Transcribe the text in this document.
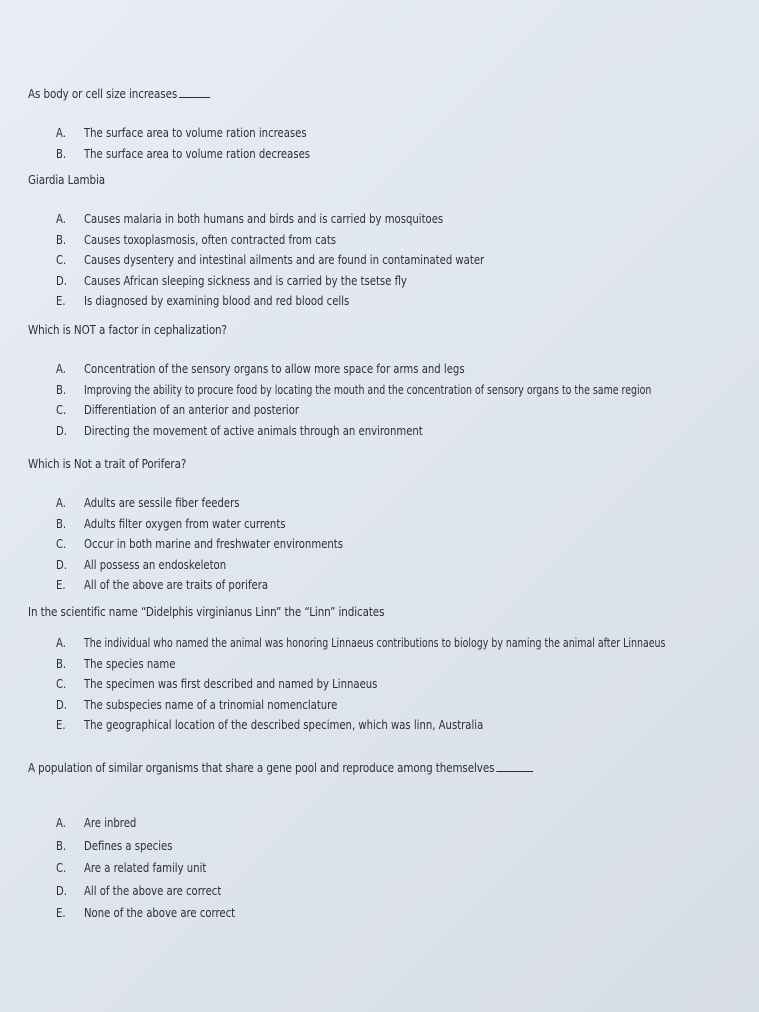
As body or cell size increases
A.	The surface area to volume ration increases
B.	The surface area to volume ration decreases
Giardia Lambia
A.	Causes malaria in both humans and birds and is carried by mosquitoes
B.	Causes toxoplasmosis, often contracted from cats
C.	Causes dysentery and intestinal ailments and are found in contaminated water
D.	Causes African sleeping sickness and is carried by the tsetse fly
E.	Is diagnosed by examining blood and red blood cells
Which is NOT a factor in cephalization?
A.	Concentration of the sensory organs to allow more space for arms and legs
B.	Improving the ability to procure food by locating the mouth and the concentration of sensory organs to the same region
C.	Differentiation of an anterior and posterior
D.	Directing the movement of active animals through an environment
Which is Not a trait of Porifera?
A.	Adults are sessile fiber feeders
B.	Adults filter oxygen from water currents
C.	Occur in both marine and freshwater environments
D.	All possess an endoskeleton
E.	All of the above are traits of porifera
In the scientific name “Didelphis virginianus Linn” the “Linn” indicates
A.	The individual who named the animal was honoring Linnaeus contributions to biology by naming the animal after Linnaeus
B.	The species name
C.	The specimen was first described and named by Linnaeus
D.	The subspecies name of a trinomial nomenclature
E.	The geographical location of the described specimen, which was linn, Australia
A population of similar organisms that share a gene pool and reproduce among themselves
A.	Are inbred
B.	Defines a species
C.	Are a related family unit
D.	All of the above are correct
E.	None of the above are correct
